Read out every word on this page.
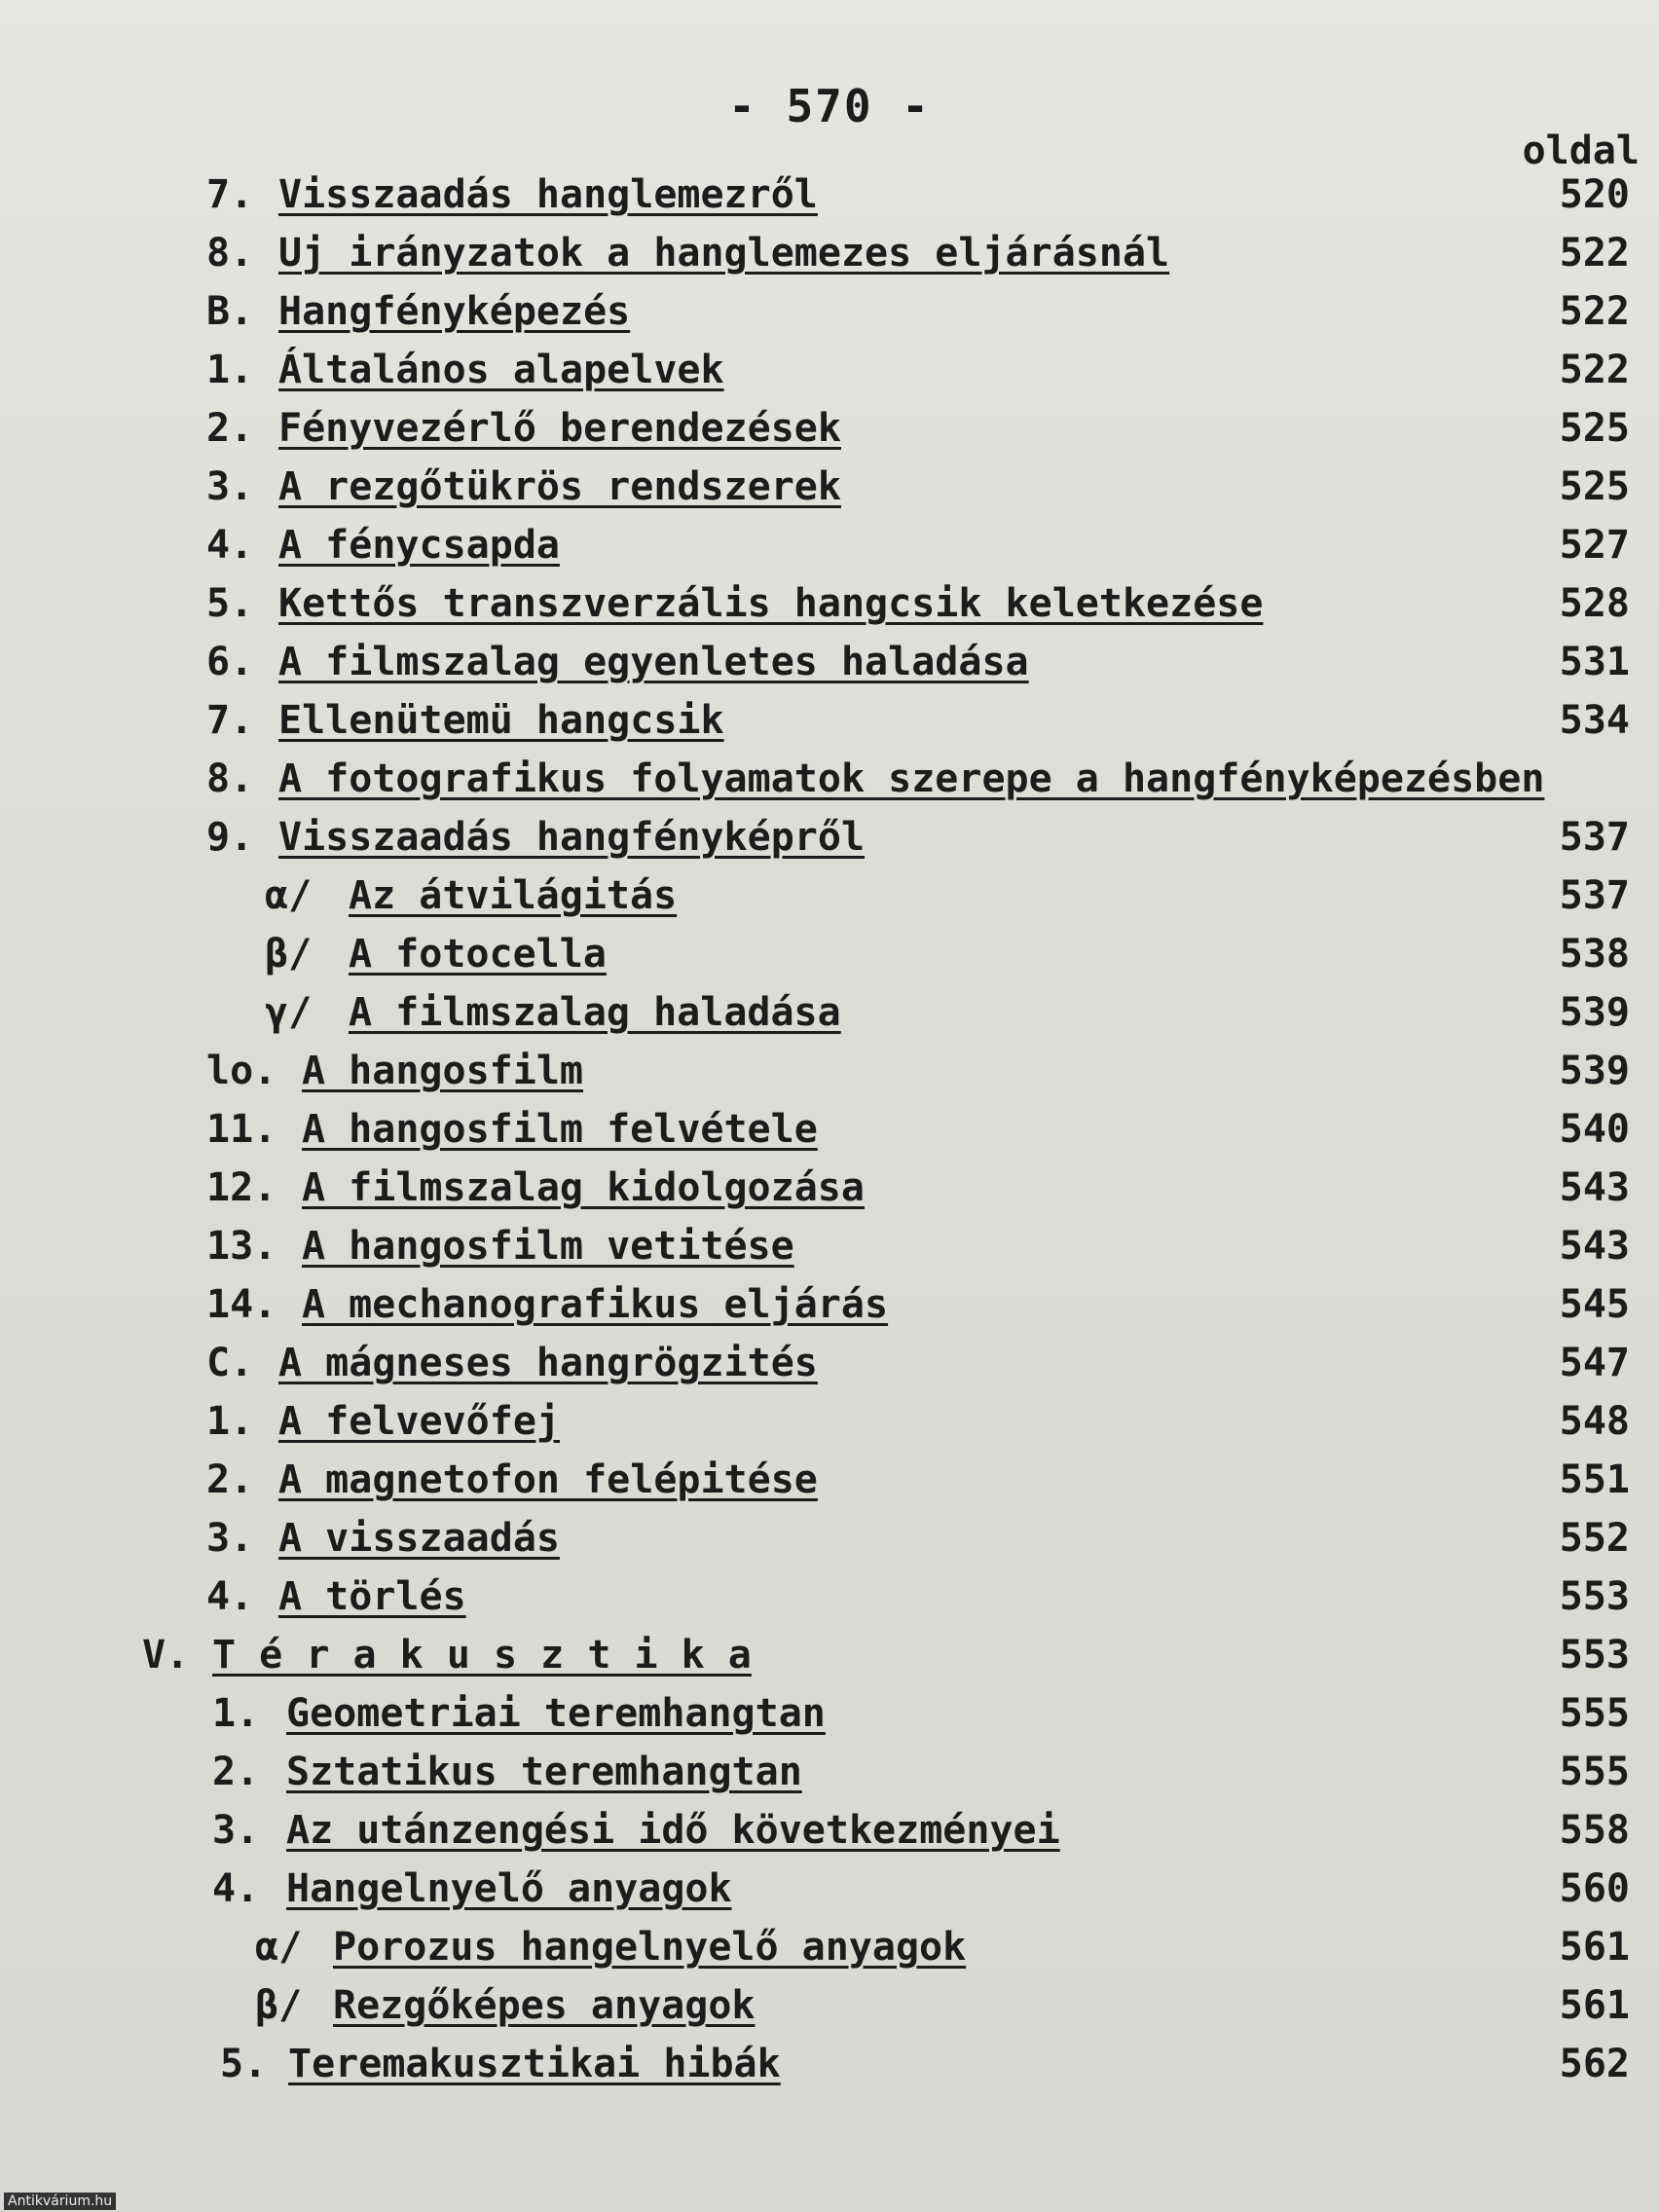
- 570 -
oldal
7. Visszaadás hanglemezről	520
8. Uj irányzatok a hanglemezes eljárásnál	522
B. Hangfényképezés	522
1. Általános alapelvek	522
2. Fényvezérlő berendezések	525
3. A rezgőtükrös rendszerek	525
4. A fénycsapda	527
5. Kettős transzverzális hangcsik keletkezése	528
6. A filmszalag egyenletes haladása	531
7. Ellenütemü hangcsik	534
8. A fotografikus folyamatok szerepe a hangfényképezésben
9. Visszaadás hangfényképről	537
α/ Az átvilágitás	537
β/ A fotocella	538
γ/ A filmszalag haladása	539
lo. A hangosfilm	539
11. A hangosfilm felvétele	540
12. A filmszalag kidolgozása	543
13. A hangosfilm vetitése	543
14. A mechanografikus eljárás	545
C. A mágneses hangrögzités	547
1. A felvevőfej	548
2. A magnetofon felépitése	551
3. A visszaadás	552
4. A törlés	553
V. T é r a k u s z t i k a	553
1. Geometriai teremhangtan	555
2. Sztatikus teremhangtan	555
3. Az utánzengési idő következményei	558
4. Hangelnyelő anyagok	560
α/ Porozus hangelnyelő anyagok	561
β/ Rezgőképes anyagok	561
5. Teremakusztikai hibák	562
Antikvárium.hu
